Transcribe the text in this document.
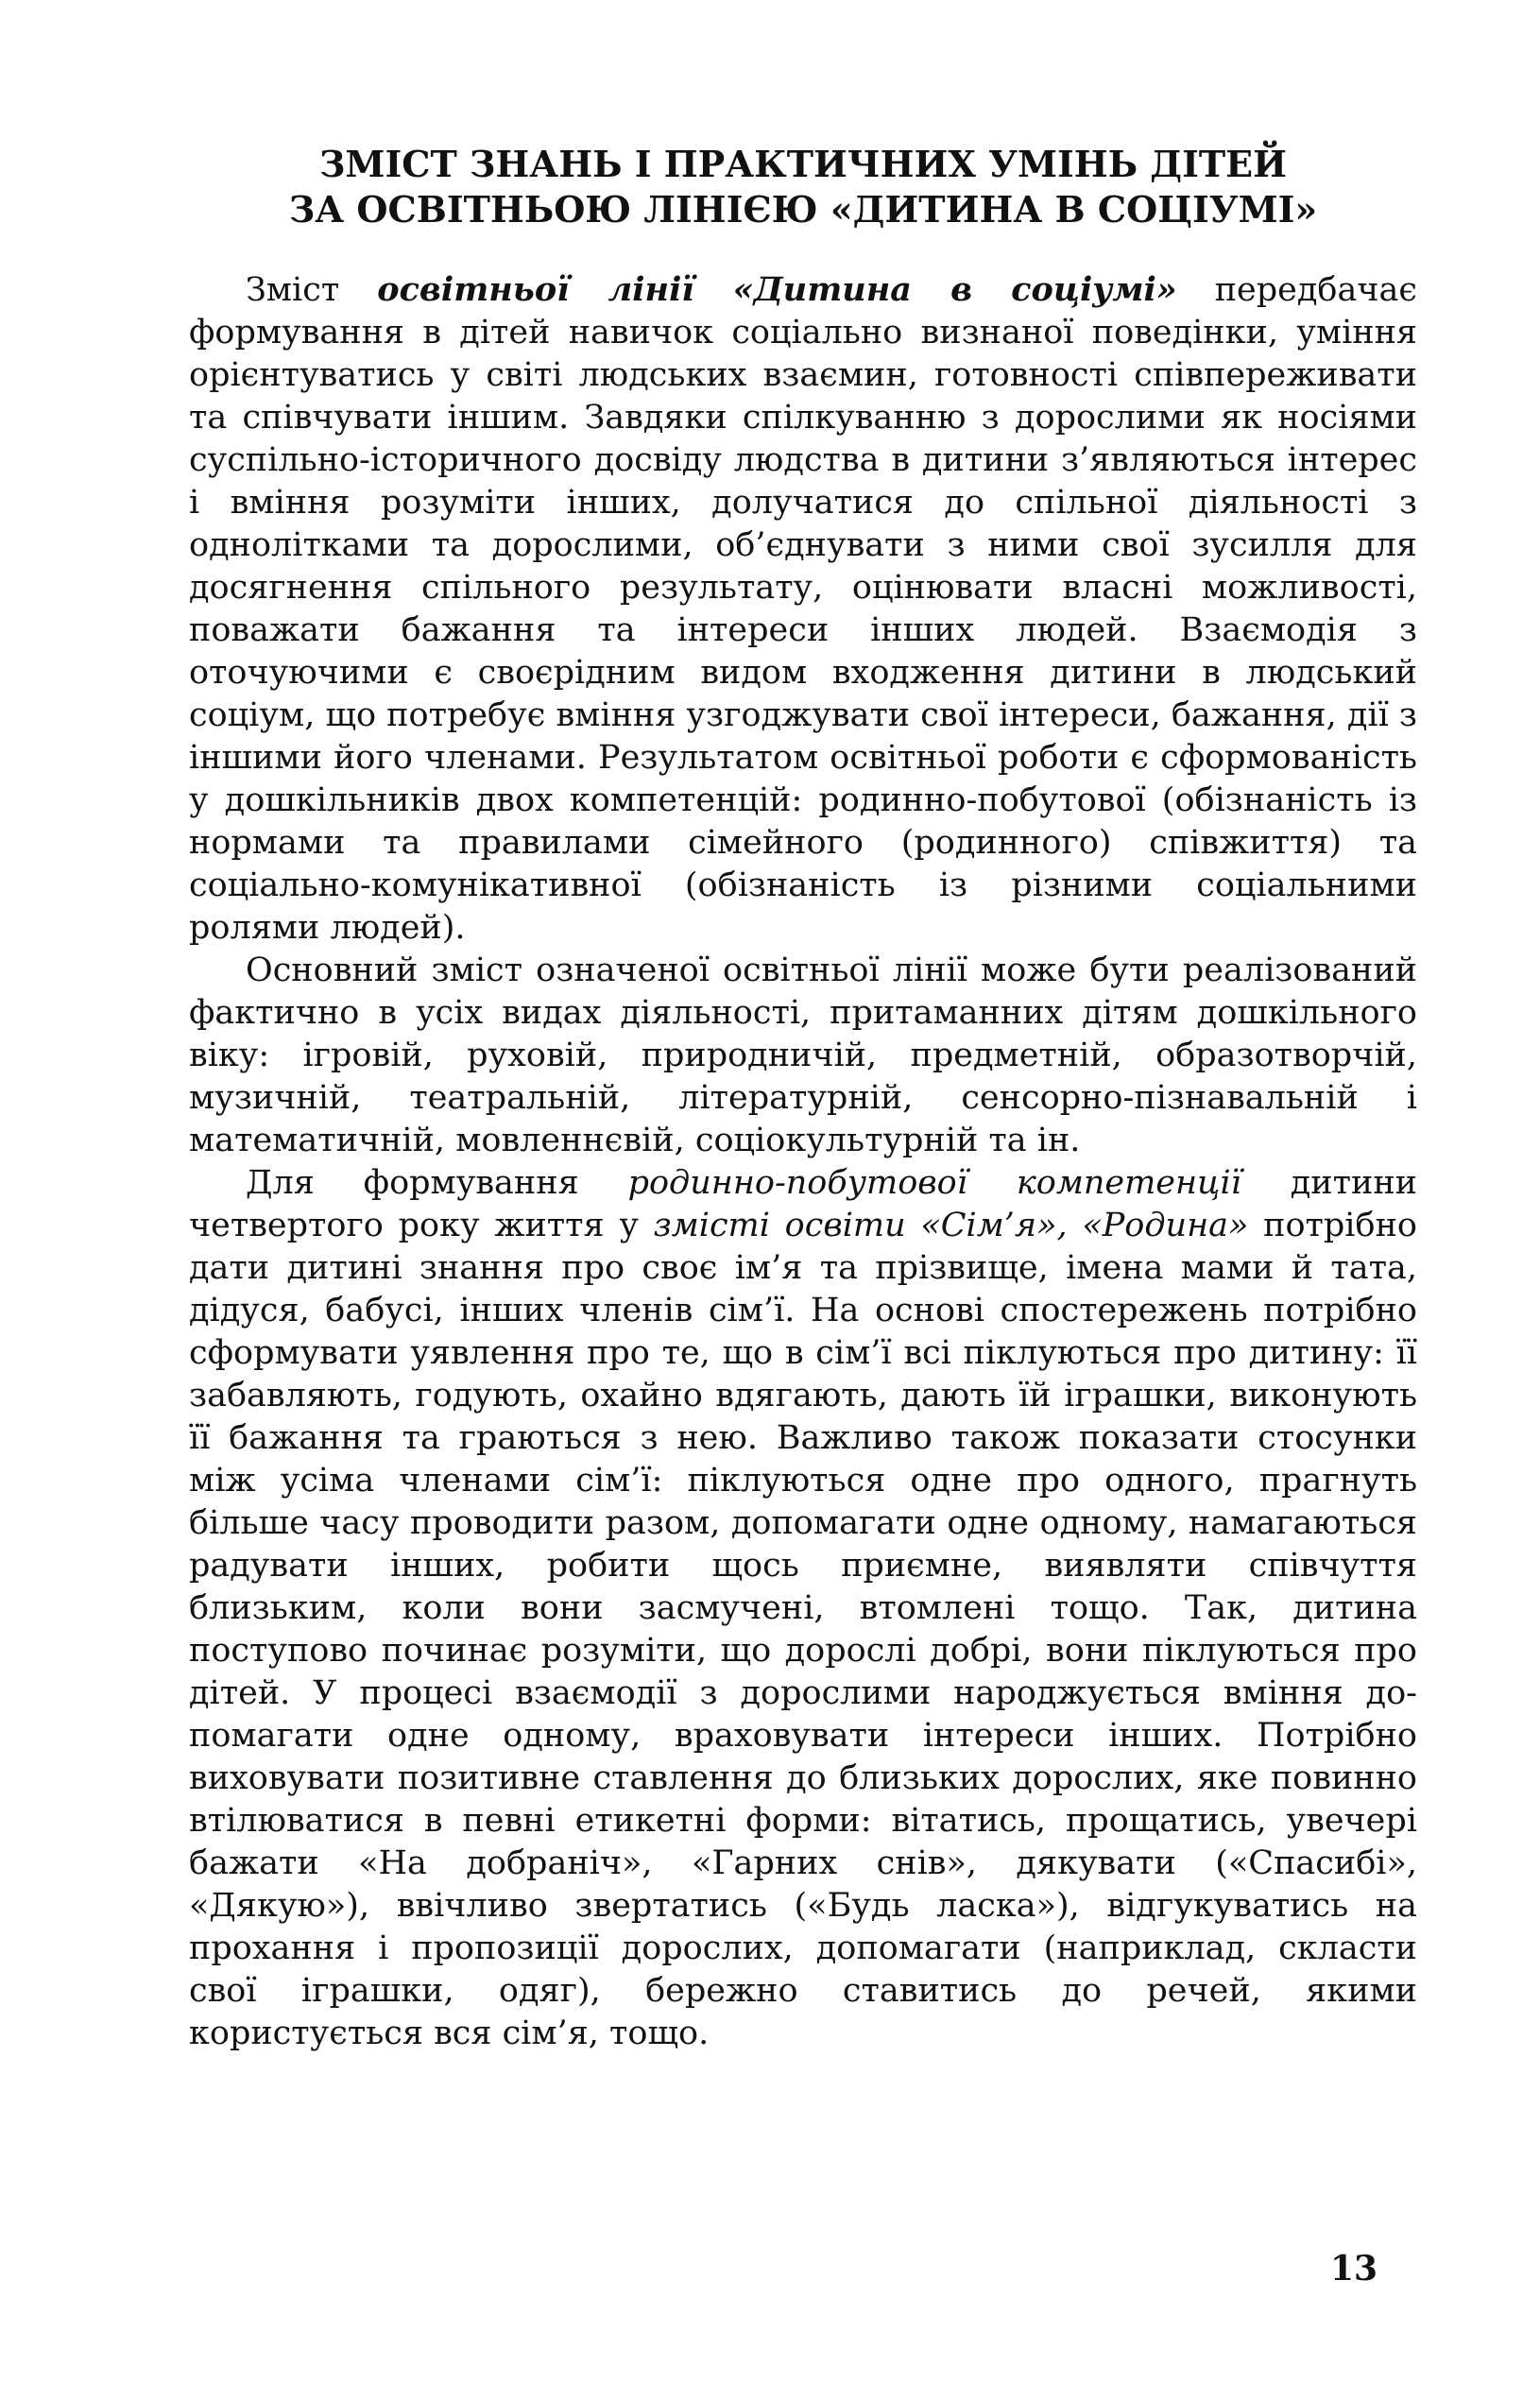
ЗМІСТ ЗНАНЬ І ПРАКТИЧНИХ УМІНЬ ДІТЕЙ
ЗА ОСВІТНЬОЮ ЛІНІЄЮ «ДИТИНА В СОЦІУМІ»

Зміст освітньої лінії «Дитина в соціумі» передбачає формування в дітей навичок соціально визнаної поведінки, уміння орієнтуватись у світі людських взаємин, готовності співпереживати та співчувати іншим. Завдяки спілкуванню з дорослими як носіями суспільно-історичного досвіду людства в дитини з’являються інтерес і вміння розуміти інших, долучатися до спільної діяльності з однолітками та дорослими, об’єднувати з ними свої зусилля для досягнення спільного результату, оцінювати власні можливості, поважати бажання та інтереси інших людей. Взаємодія з оточуючими є своєрідним видом входження дитини в людський соціум, що потребує вміння узгоджувати свої інтереси, бажання, дії з іншими його членами. Результатом освітньої роботи є сформованість у дошкільників двох компетенцій: родинно-побутової (обізнаність із нормами та правилами сімейного (родинного) співжиття) та соціально-комунікативної (обізнаність із різними соціальними ролями людей).

Основний зміст означеної освітньої лінії може бути реалізований фактично в усіх видах діяльності, притаманних дітям дошкільного віку: ігровій, руховій, природничій, предметній, образотворчій, музичній, театральній, літературній, сенсорно-пізнавальній і математичній, мовленнєвій, соціокультурній та ін.

Для формування родинно-побутової компетенції дитини четвертого року життя у змісті освіти «Сім’я», «Родина» потрібно дати дитині знання про своє ім’я та прізвище, імена мами й тата, дідуся, бабусі, інших членів сім’ї. На основі спостережень потрібно сформувати уявлення про те, що в сім’ї всі піклуються про дитину: її забавляють, годують, охайно вдягають, дають їй іграшки, виконують її бажання та граються з нею. Важливо також показати стосунки між усіма членами сім’ї: піклуються одне про одного, прагнуть більше часу проводити разом, допомагати одне одному, намагаються радувати інших, робити щось приємне, виявляти співчуття близьким, коли вони засмучені, втомлені тощо. Так, дитина поступово починає розуміти, що дорослі добрі, вони піклуються про дітей. У процесі взаємодії з дорослими народжується вміння допомагати одне одному, враховувати інтереси інших. Потрібно виховувати позитивне ставлення до близьких дорослих, яке повинно втілюватися в певні етикетні форми: вітатись, прощатись, увечері бажати «На добраніч», «Гарних снів», дякувати («Спасибі», «Дякую»), ввічливо звертатись («Будь ласка»), відгукуватись на прохання і пропозиції дорослих, допомагати (наприклад, скласти свої іграшки, одяг), бережно ставитись до речей, якими користується вся сім’я, тощо.

13
